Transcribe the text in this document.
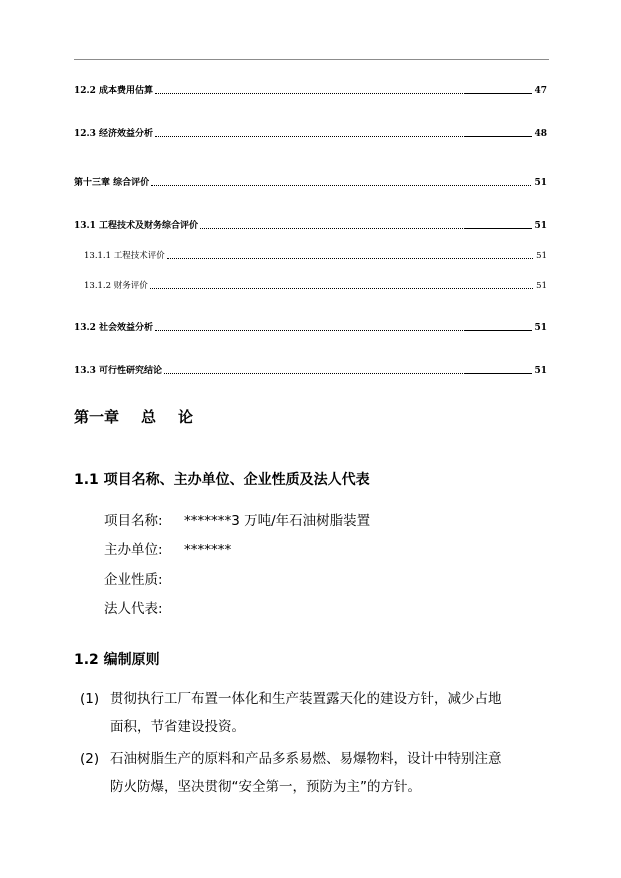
12.2 成本费用估算	47
12.3 经济效益分析	48
第十三章 综合评价	51
13.1 工程技术及财务综合评价	51
13.1.1 工程技术评价	51
13.1.2 财务评价	51
13.2 社会效益分析	51
13.3 可行性研究结论	51
第一章 总 论
1.1 项目名称、主办单位、企业性质及法人代表
项目名称: *******3 万吨/年石油树脂装置
主办单位: *******
企业性质:
法人代表:
1.2 编制原则
(1) 贯彻执行工厂布置一体化和生产装置露天化的建设方针，减少占地
面积，节省建设投资。
(2) 石油树脂生产的原料和产品多系易燃、易爆物料，设计中特别注意
防火防爆，坚决贯彻“安全第一，预防为主”的方针。
